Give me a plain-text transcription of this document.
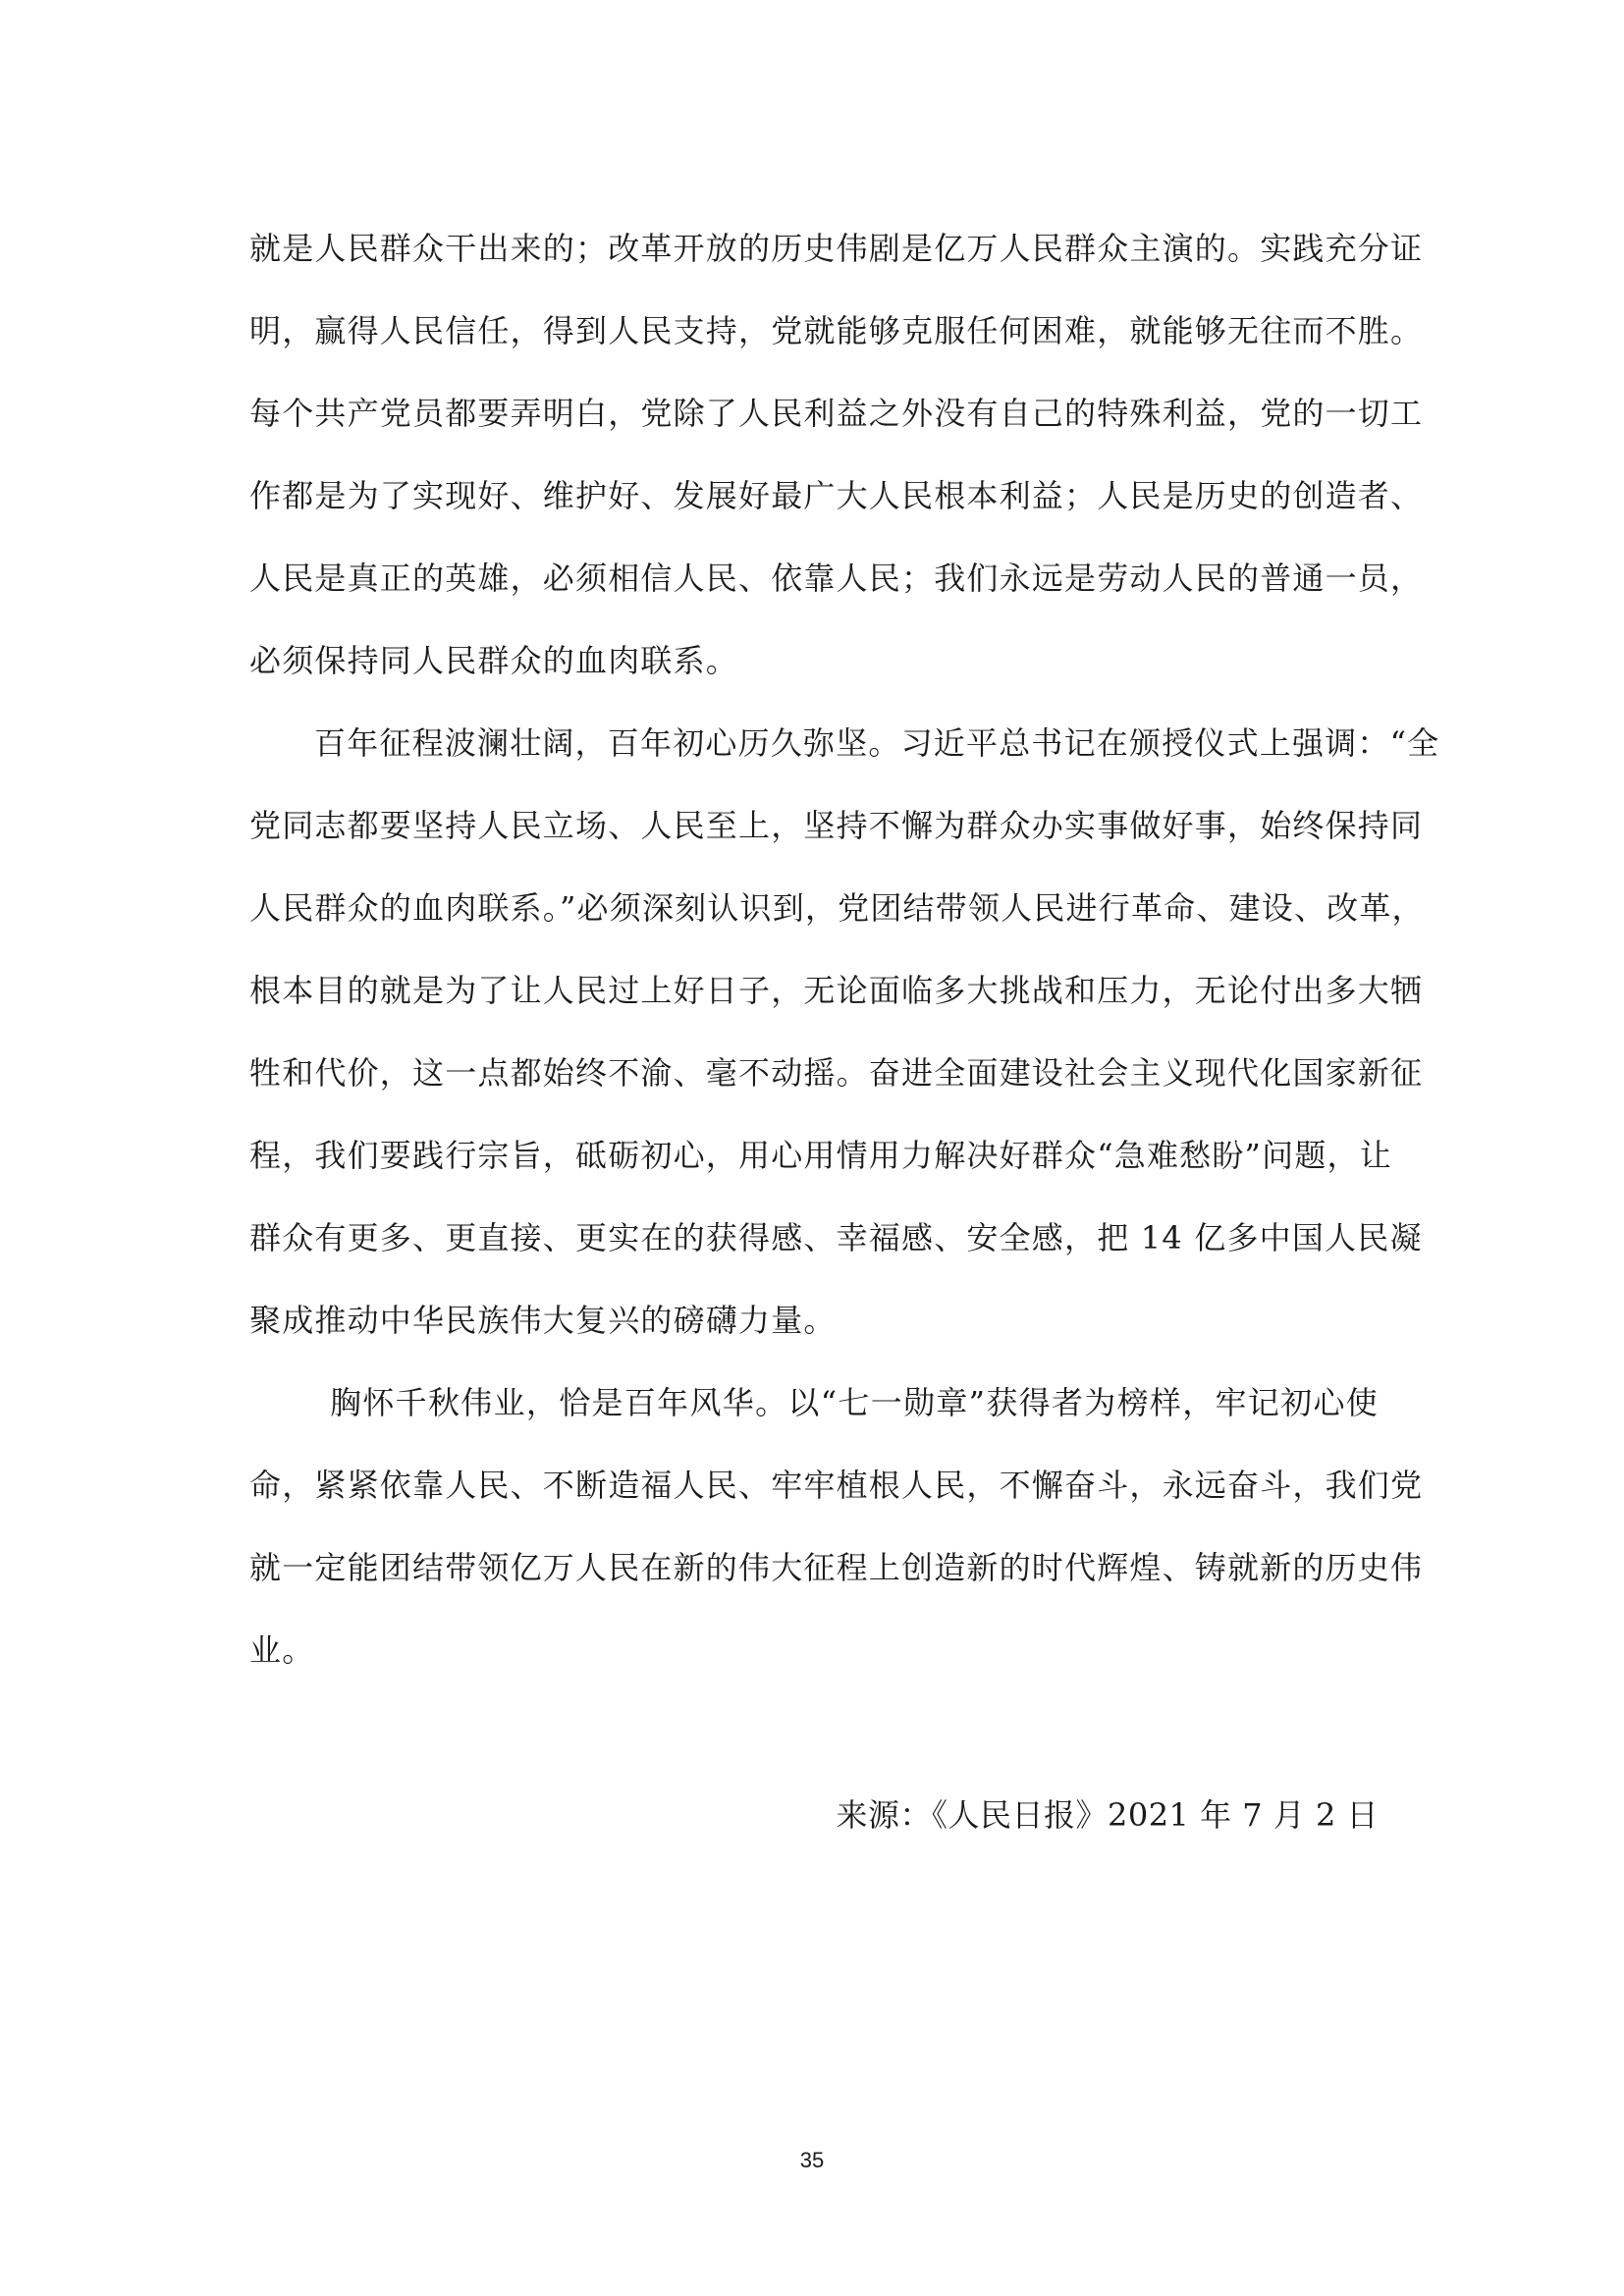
就是人民群众干出来的；改革开放的历史伟剧是亿万人民群众主演的。实践充分证
明，赢得人民信任，得到人民支持，党就能够克服任何困难，就能够无往而不胜。
每个共产党员都要弄明白，党除了人民利益之外没有自己的特殊利益，党的一切工
作都是为了实现好、维护好、发展好最广大人民根本利益；人民是历史的创造者、
人民是真正的英雄，必须相信人民、依靠人民；我们永远是劳动人民的普通一员，
必须保持同人民群众的血肉联系。
百年征程波澜壮阔，百年初心历久弥坚。习近平总书记在颁授仪式上强调：“全
党同志都要坚持人民立场、人民至上，坚持不懈为群众办实事做好事，始终保持同
人民群众的血肉联系。”必须深刻认识到，党团结带领人民进行革命、建设、改革，
根本目的就是为了让人民过上好日子，无论面临多大挑战和压力，无论付出多大牺
牲和代价，这一点都始终不渝、毫不动摇。奋进全面建设社会主义现代化国家新征
程，我们要践行宗旨，砥砺初心，用心用情用力解决好群众“急难愁盼”问题，让
群众有更多、更直接、更实在的获得感、幸福感、安全感，把 14 亿多中国人民凝
聚成推动中华民族伟大复兴的磅礴力量。
胸怀千秋伟业，恰是百年风华。以“七一勋章”获得者为榜样，牢记初心使
命，紧紧依靠人民、不断造福人民、牢牢植根人民，不懈奋斗，永远奋斗，我们党
就一定能团结带领亿万人民在新的伟大征程上创造新的时代辉煌、铸就新的历史伟
业。
来源：《人民日报》2021 年 7 月 2 日
35
